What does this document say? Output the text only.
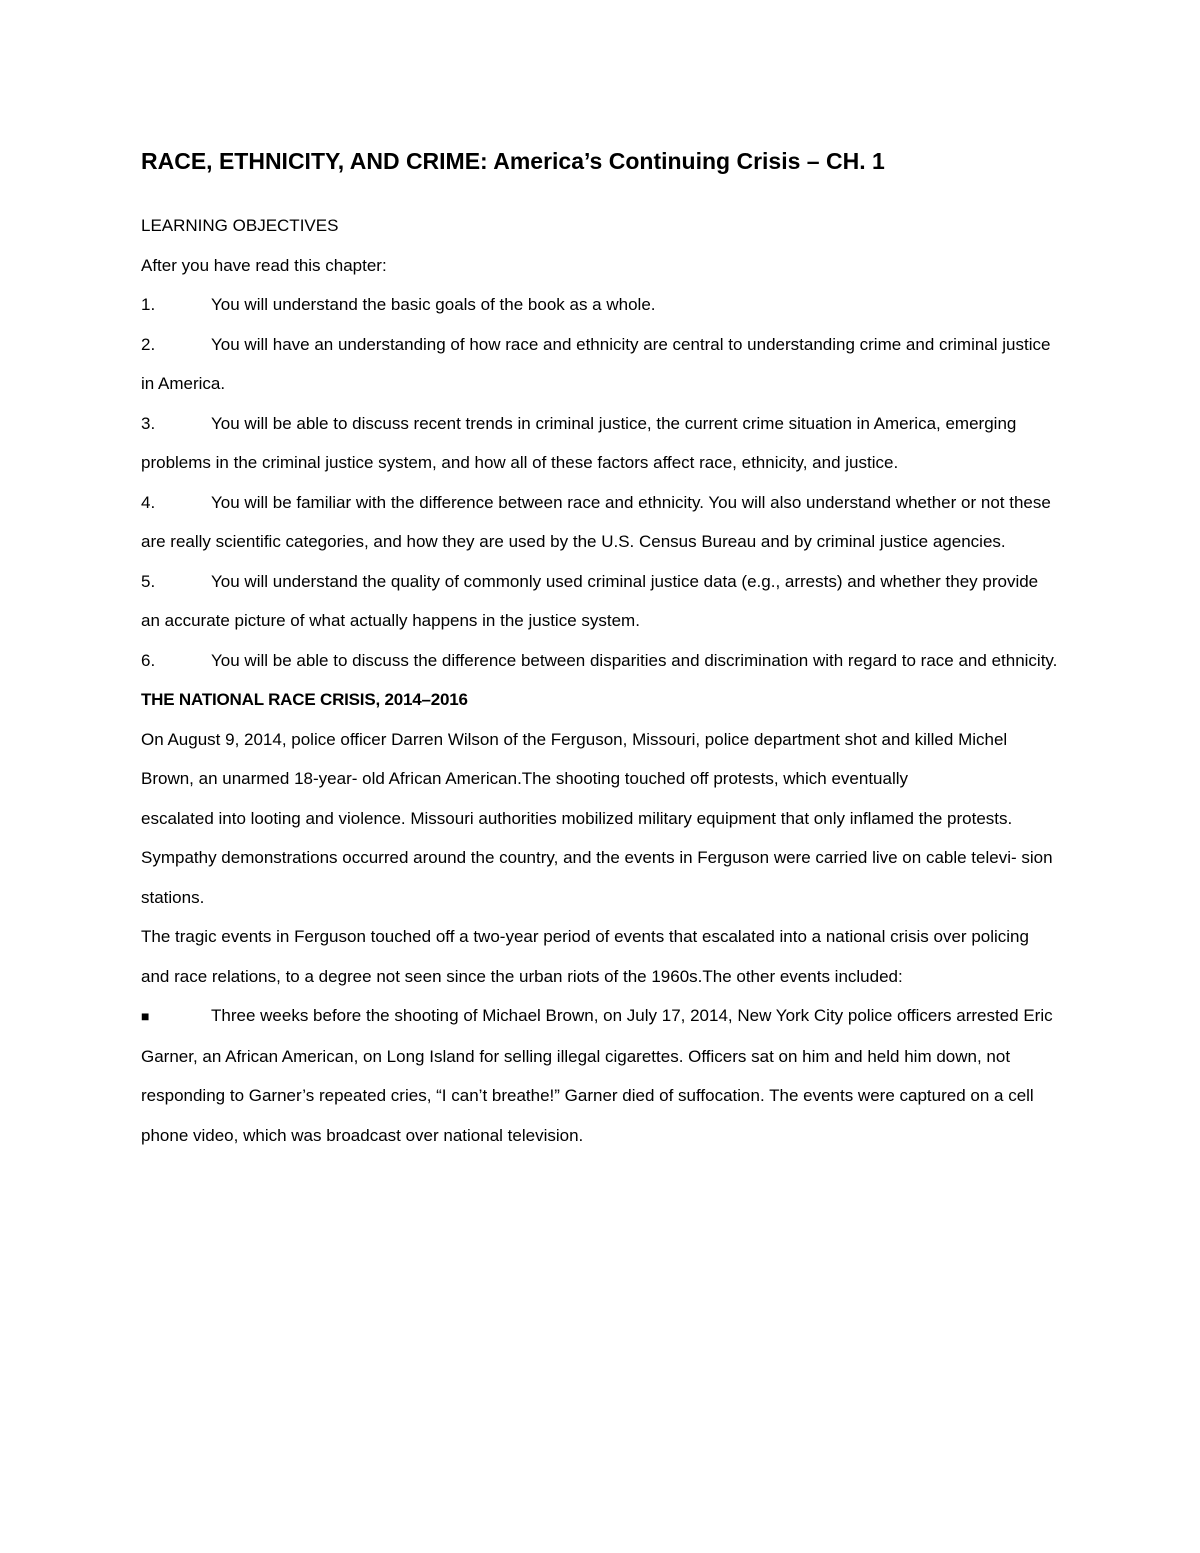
RACE, ETHNICITY, AND CRIME: America’s Continuing Crisis – CH. 1

LEARNING OBJECTIVES

After you have read this chapter:

1.	You will understand the basic goals of the book as a whole.

2.	You will have an understanding of how race and ethnicity are central to understanding crime and criminal justice in America.

3.	You will be able to discuss recent trends in criminal justice, the current crime situation in America, emerging problems in the criminal justice system, and how all of these factors affect race, ethnicity, and justice.

4.	You will be familiar with the difference between race and ethnicity. You will also understand whether or not these are really scientific categories, and how they are used by the U.S. Census Bureau and by criminal justice agencies.

5.	You will understand the quality of commonly used criminal justice data (e.g., arrests) and whether they provide an accurate picture of what actually happens in the justice system.

6.	You will be able to discuss the difference between disparities and discrimination with regard to race and ethnicity.

THE NATIONAL RACE CRISIS, 2014–2016

On August 9, 2014, police officer Darren Wilson of the Ferguson, Missouri, police department shot and killed Michel Brown, an unarmed 18-year- old African American.The shooting touched off protests, which eventually

escalated into looting and violence. Missouri authorities mobilized military equipment that only inflamed the protests. Sympathy demonstrations occurred around the country, and the events in Ferguson were carried live on cable televi- sion stations.

The tragic events in Ferguson touched off a two-year period of events that escalated into a national crisis over policing and race relations, to a degree not seen since the urban riots of the 1960s.The other events included:

■	Three weeks before the shooting of Michael Brown, on July 17, 2014, New York City police officers arrested Eric Garner, an African American, on Long Island for selling illegal cigarettes. Officers sat on him and held him down, not responding to Garner’s repeated cries, “I can’t breathe!” Garner died of suffocation. The events were captured on a cell phone video, which was broadcast over national television.
